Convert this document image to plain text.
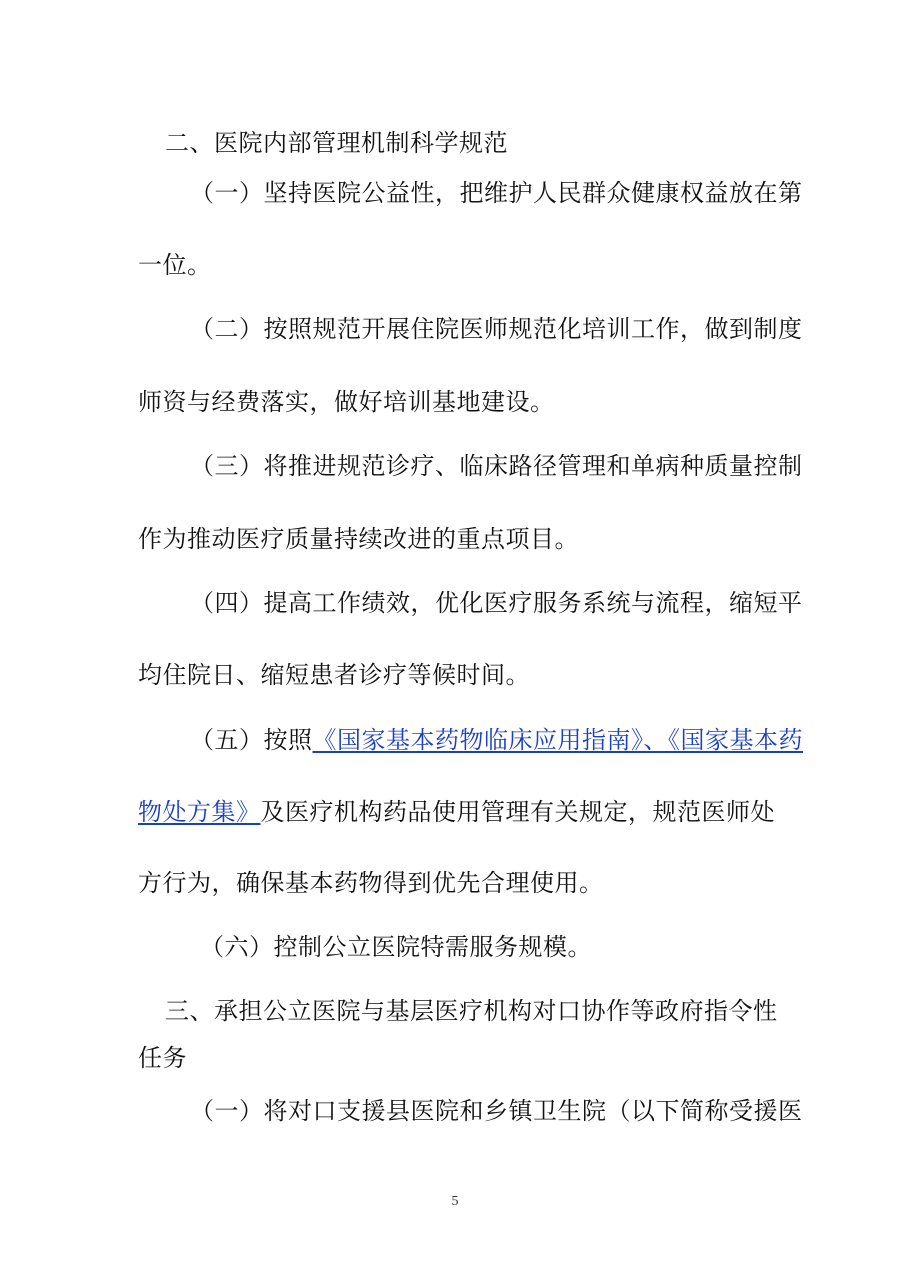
二、医院内部管理机制科学规范
（一）坚持医院公益性，把维护人民群众健康权益放在第
一位。
（二）按照规范开展住院医师规范化培训工作，做到制度
师资与经费落实，做好培训基地建设。
（三）将推进规范诊疗、临床路径管理和单病种质量控制
作为推动医疗质量持续改进的重点项目。
（四）提高工作绩效，优化医疗服务系统与流程，缩短平
均住院日、缩短患者诊疗等候时间。
（五）按照《国家基本药物临床应用指南》、《国家基本药
物处方集》及医疗机构药品使用管理有关规定，规范医师处
方行为，确保基本药物得到优先合理使用。
（六）控制公立医院特需服务规模。
三、承担公立医院与基层医疗机构对口协作等政府指令性
任务
（一）将对口支援县医院和乡镇卫生院（以下简称受援医
5
